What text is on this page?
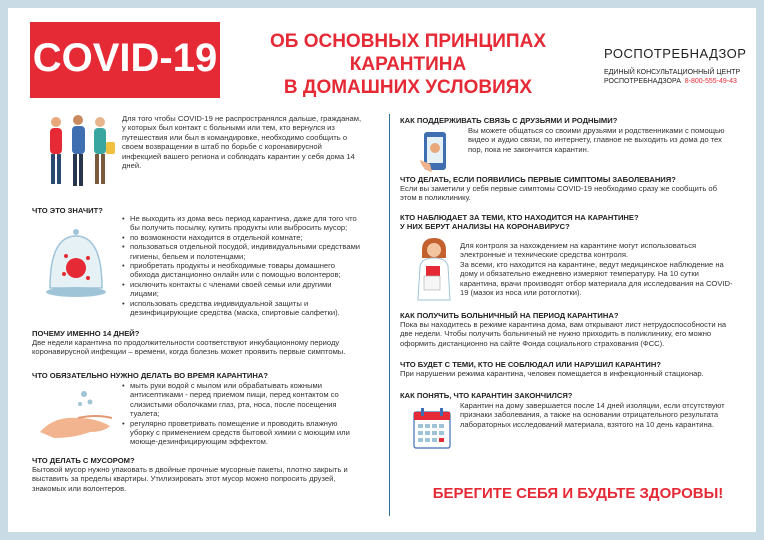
COVID-19	ОБ ОСНОВНЫХ ПРИНЦИПАХ КАРАНТИНА
В ДОМАШНИХ УСЛОВИЯХ
РОСПОТРЕБНАДЗОР
ЕДИНЫЙ КОНСУЛЬТАЦИОННЫЙ ЦЕНТР
РОСПОТРЕБНАДЗОРА 8-800-555-49-43
Для того чтобы COVID-19 не распространялся дальше, гражданам, у которых был контакт с больными или тем, кто вернулся из путешествия или был в командировке, необходимо сообщить о своем возвращении в штаб по борьбе с коронавирусной инфекцией вашего региона и соблюдать карантин у себя дома 14 дней.
ЧТО ЭТО ЗНАЧИТ?
• Не выходить из дома весь период карантина, даже для того что бы получить посылку, купить продукты или выбросить мусор;
• по возможности находится в отдельной комнате;
• пользоваться отдельной посудой, индивидуальными средствами гигиены, бельем и полотенцами;
• приобретать продукты и необходимые товары домашнего обихода дистанционно онлайн или с помощью волонтеров;
• исключить контакты с членами своей семьи или другими лицами;
• использовать средства индивидуальной защиты и дезинфицирующие средства (маска, спиртовые салфетки).
ПОЧЕМУ ИМЕННО 14 ДНЕЙ?
Две недели карантина по продолжительности соответствуют инкубационному периоду коронавирусной инфекции – времени, когда болезнь может проявить первые симптомы.
ЧТО ОБЯЗАТЕЛЬНО НУЖНО ДЕЛАТЬ ВО ВРЕМЯ КАРАНТИНА?
• мыть руки водой с мылом или обрабатывать кожными антисептиками - перед приемом пищи, перед контактом со слизистыми оболочками глаз, рта, носа, после посещения туалета;
• регулярно проветривать помещение и проводить влажную уборку с применением средств бытовой химии с моющим или моюще-дезинфицирующим эффектом.
ЧТО ДЕЛАТЬ С МУСОРОМ?
Бытовой мусор нужно упаковать в двойные прочные мусорные пакеты, плотно закрыть и выставить за пределы квартиры. Утилизировать этот мусор можно попросить друзей, знакомых или волонтеров.
КАК ПОДДЕРЖИВАТЬ СВЯЗЬ С ДРУЗЬЯМИ И РОДНЫМИ?
Вы можете общаться со своими друзьями и родственниками с помощью видео и аудио связи, по интернету, главное не выходить из дома до тех пор, пока не закончится карантин.
ЧТО ДЕЛАТЬ, ЕСЛИ ПОЯВИЛИСЬ ПЕРВЫЕ СИМПТОМЫ ЗАБОЛЕВАНИЯ?
Если вы заметили у себя первые симптомы COVID-19 необходимо сразу же сообщить об этом в поликлинику.
КТО НАБЛЮДАЕТ ЗА ТЕМИ, КТО НАХОДИТСЯ НА КАРАНТИНЕ?
У НИХ БЕРУТ АНАЛИЗЫ НА КОРОНАВИРУС?
Для контроля за нахождением на карантине могут использоваться электронные и технические средства контроля.
За всеми, кто находится на карантине, ведут медицинское наблюдение на дому и обязательно ежедневно измеряют температуру. На 10 сутки карантина, врачи производят отбор материала для исследования на COVID-19 (мазок из носа или ротоглотки).
КАК ПОЛУЧИТЬ БОЛЬНИЧНЫЙ НА ПЕРИОД КАРАНТИНА?
Пока вы находитесь в режиме карантина дома, вам открывают лист нетрудоспособности на две недели. Чтобы получить больничный не нужно приходить в поликлинику, его можно оформить дистанционно на сайте Фонда социального страхования (ФСС).
ЧТО БУДЕТ С ТЕМИ, КТО НЕ СОБЛЮДАЛ ИЛИ НАРУШИЛ КАРАНТИН?
При нарушении режима карантина, человек помещается в инфекционный стационар.
КАК ПОНЯТЬ, ЧТО КАРАНТИН ЗАКОНЧИЛСЯ?
Карантин на дому завершается после 14 дней изоляции, если отсутствуют признаки заболевания, а также на основании отрицательного результата лабораторных исследований материала, взятого на 10 день карантина.
БЕРЕГИТЕ СЕБЯ И БУДЬТЕ ЗДОРОВЫ!
